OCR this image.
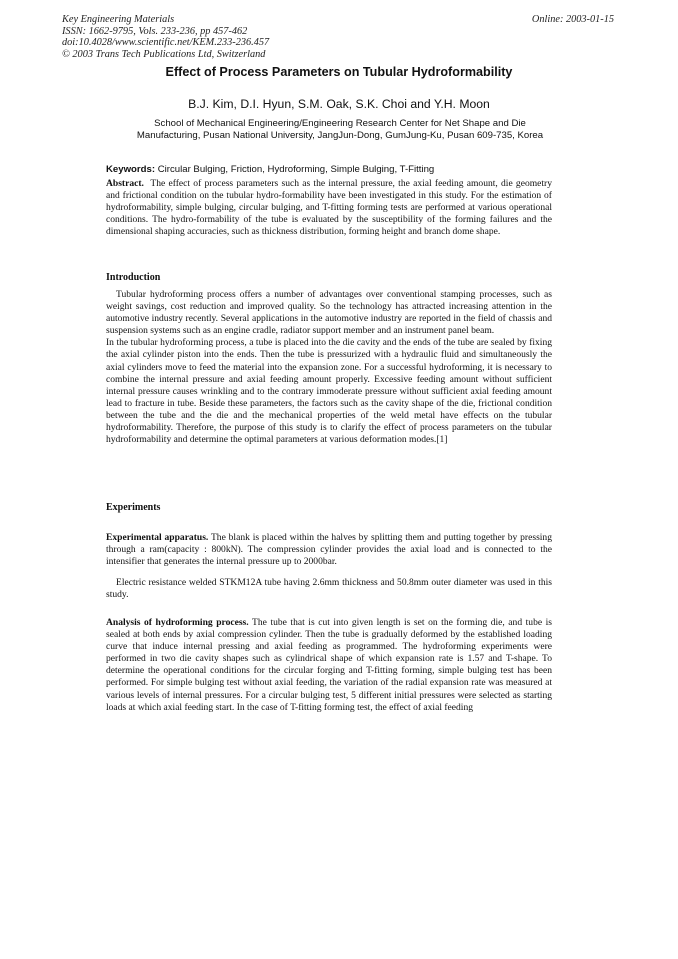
Key Engineering Materials
ISSN: 1662-9795, Vols. 233-236, pp 457-462
doi:10.4028/www.scientific.net/KEM.233-236.457
© 2003 Trans Tech Publications Ltd, Switzerland
Online: 2003-01-15
Effect of Process Parameters on Tubular Hydroformability
B.J. Kim, D.I. Hyun, S.M. Oak, S.K. Choi and Y.H. Moon
School of Mechanical Engineering/Engineering Research Center for Net Shape and Die
Manufacturing, Pusan National University, JangJun-Dong, GumJung-Ku, Pusan 609-735, Korea
Keywords: Circular Bulging, Friction, Hydroforming, Simple Bulging, T-Fitting

Abstract. The effect of process parameters such as the internal pressure, the axial feeding amount, die geometry and frictional condition on the tubular hydro-formability have been investigated in this study. For the estimation of hydroformability, simple bulging, circular bulging, and T-fitting forming tests are performed at various operational conditions. The hydro-formability of the tube is evaluated by the susceptibility of the forming failures and the dimensional shaping accuracies, such as thickness distribution, forming height and branch dome shape.

Introduction

Tubular hydroforming process offers a number of advantages over conventional stamping processes, such as weight savings, cost reduction and improved quality. So the technology has attracted increasing attention in the automotive industry recently. Several applications in the automotive industry are reported in the field of chassis and suspension systems such as an engine cradle, radiator support member and an instrument panel beam.

In the tubular hydroforming process, a tube is placed into the die cavity and the ends of the tube are sealed by fixing the axial cylinder piston into the ends. Then the tube is pressurized with a hydraulic fluid and simultaneously the axial cylinders move to feed the material into the expansion zone. For a successful hydroforming, it is necessary to combine the internal pressure and axial feeding amount properly. Excessive feeding amount without sufficient internal pressure causes wrinkling and to the contrary immoderate pressure without sufficient axial feeding amount lead to fracture in tube. Beside these parameters, the factors such as the cavity shape of the die, frictional condition between the tube and the die and the mechanical properties of the weld metal have effects on the tubular hydroformability. Therefore, the purpose of this study is to clarify the effect of process parameters on the tubular hydroformability and determine the optimal parameters at various deformation modes.[1]

Experiments

Experimental apparatus. The blank is placed within the halves by splitting them and putting together by pressing through a ram(capacity : 800kN). The compression cylinder provides the axial load and is connected to the intensifier that generates the internal pressure up to 2000bar.

Electric resistance welded STKM12A tube having 2.6mm thickness and 50.8mm outer diameter was used in this study.

Analysis of hydroforming process. The tube that is cut into given length is set on the forming die, and tube is sealed at both ends by axial compression cylinder. Then the tube is gradually deformed by the established loading curve that induce internal pressing and axial feeding as programmed. The hydroforming experiments were performed in two die cavity shapes such as cylindrical shape of which expansion rate is 1.57 and T-shape. To determine the operational conditions for the circular forging and T-fitting forming, simple bulging test has been performed. For simple bulging test without axial feeding, the variation of the radial expansion rate was measured at various levels of internal pressures. For a circular bulging test, 5 different initial pressures were selected as starting loads at which axial feeding start. In the case of T-fitting forming test, the effect of axial feeding
